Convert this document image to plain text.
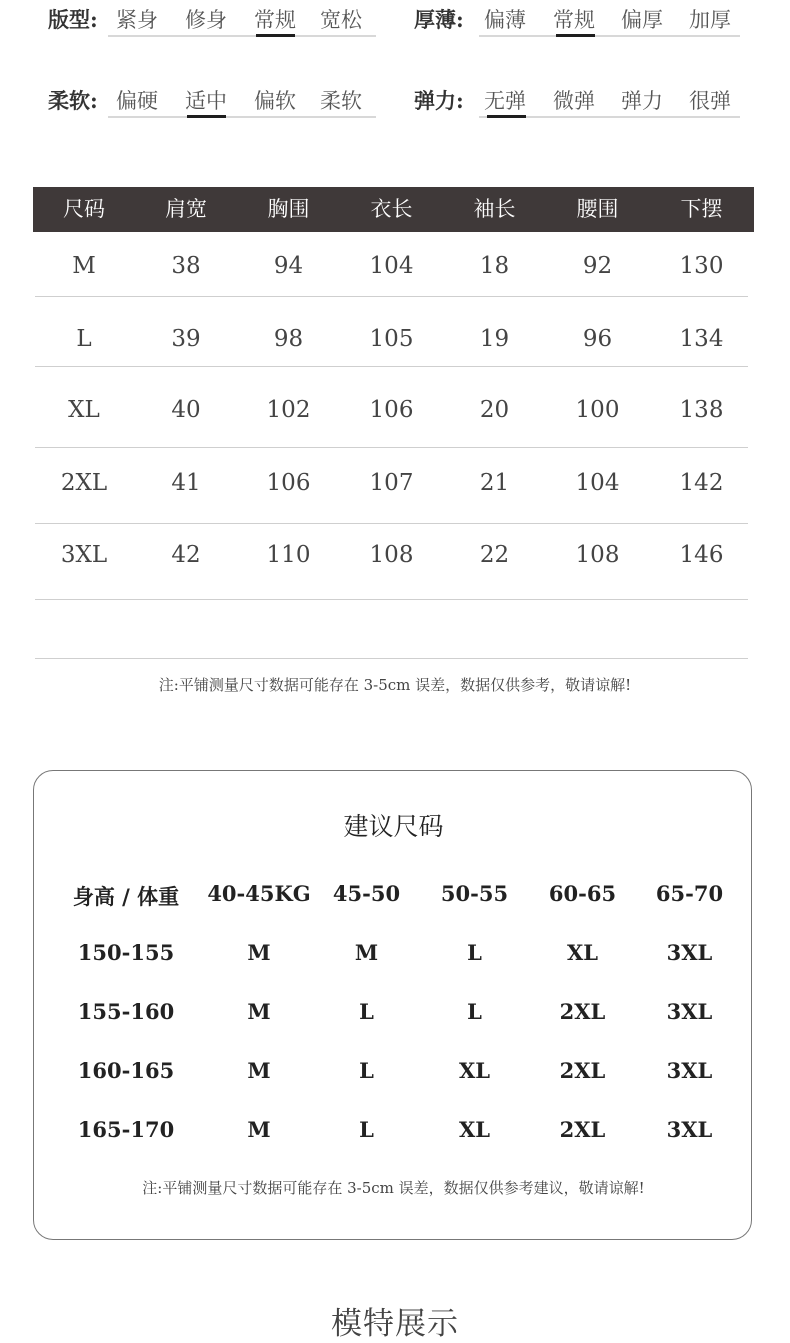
版型: 紧身 修身 常规 宽松 厚薄: 偏薄 常规 偏厚 加厚
柔软: 偏硬 适中 偏软 柔软 弹力: 无弹 微弹 弹力 很弹
尺码	肩宽	胸围	衣长	袖长	腰围	下摆
M	38	94	104	18	92	130
L	39	98	105	19	96	134
XL	40	102	106	20	100	138
2XL	41	106	107	21	104	142
3XL	42	110	108	22	108	146
注:平铺测量尺寸数据可能存在 3-5cm 误差，数据仅供参考，敬请谅解!
建议尺码
身高 / 体重	40-45KG	45-50	50-55	60-65	65-70
150-155	M	M	L	XL	3XL
155-160	M	L	L	2XL	3XL
160-165	M	L	XL	2XL	3XL
165-170	M	L	XL	2XL	3XL
注:平铺测量尺寸数据可能存在 3-5cm 误差，数据仅供参考建议，敬请谅解!
模特展示
